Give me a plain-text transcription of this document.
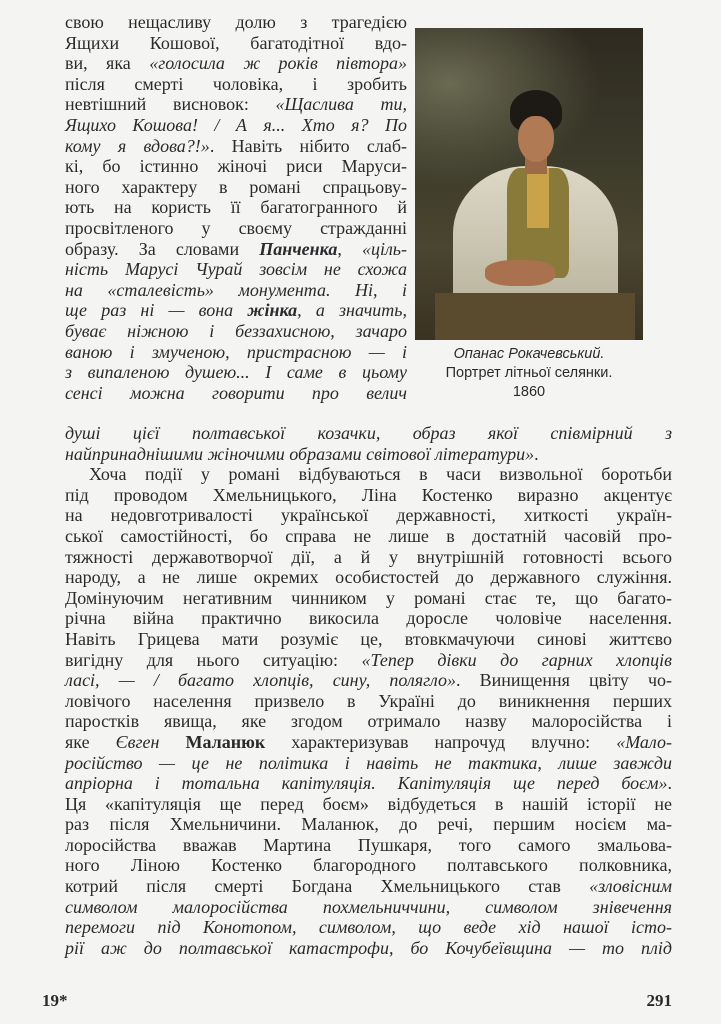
свою нещасливу долю з трагедією
Ящихи Кошової, багатодітної вдо-
ви, яка «голосила ж років півтора»
після смерті чоловіка, і зробить
невтішний висновок: «Щаслива ти,
Ящихо Кошова! / А я... Хто я? По
кому я вдова?!». Навіть нібито слаб-
кі, бо істинно жіночі риси Маруси-
ного характеру в романі спрацьову-
ють на користь її багатогранного й
просвітленого у своєму стражданні
образу. За словами Панченка, «ціль-
ність Марусі Чурай зовсім не схожа
на «сталевість» монумента. Ні, і
ще раз ні — вона жінка, а значить,
буває ніжною і беззахисною, зачаро
ваною і змученою, пристрасною — і
з випаленою душею... І саме в цьому
сенсі можна говорити про велич
Опанас Рокачевський.
Портрет літньої селянки.
1860
душі цієї полтавської козачки, образ якої співмірний з
найпринаднішими жіночими образами світової літератури».
Хоча події у романі відбуваються в часи визвольної боротьби
під проводом Хмельницького, Ліна Костенко виразно акцентує
на недовготривалості української державності, хиткості україн-
ської самостійності, бо справа не лише в достатній часовій про-
тяжності державотворчої дії, а й у внутрішній готовності всього
народу, а не лише окремих особистостей до державного служіння.
Домінуючим негативним чинником у романі стає те, що багато-
річна війна практично викосила доросле чоловіче населення.
Навіть Грицева мати розуміє це, втовкмачуючи синові життєво
вигідну для нього ситуацію: «Тепер дівки до гарних хлопців
ласі, — / багато хлопців, сину, полягло». Винищення цвіту чо-
ловічого населення призвело в Україні до виникнення перших
паростків явища, яке згодом отримало назву малоросійства і
яке Євген Маланюк характеризував напрочуд влучно: «Мало-
російство — це не політика і навіть не тактика, лише завжди
апріорна і тотальна капітуляція. Капітуляція ще перед боєм».
Ця «капітуляція ще перед боєм» відбудеться в нашій історії не
раз після Хмельничини. Маланюк, до речі, першим носієм ма-
лоросійства вважав Мартина Пушкаря, того самого змальова-
ного Ліною Костенко благородного полтавського полковника,
котрий після смерті Богдана Хмельницького став «зловісним
символом малоросійства похмельниччини, символом знівечення
перемоги під Конотопом, символом, що веде хід нашої істо-
рії аж до полтавської катастрофи, бо Кочубеївщина — то плід
19*	291
